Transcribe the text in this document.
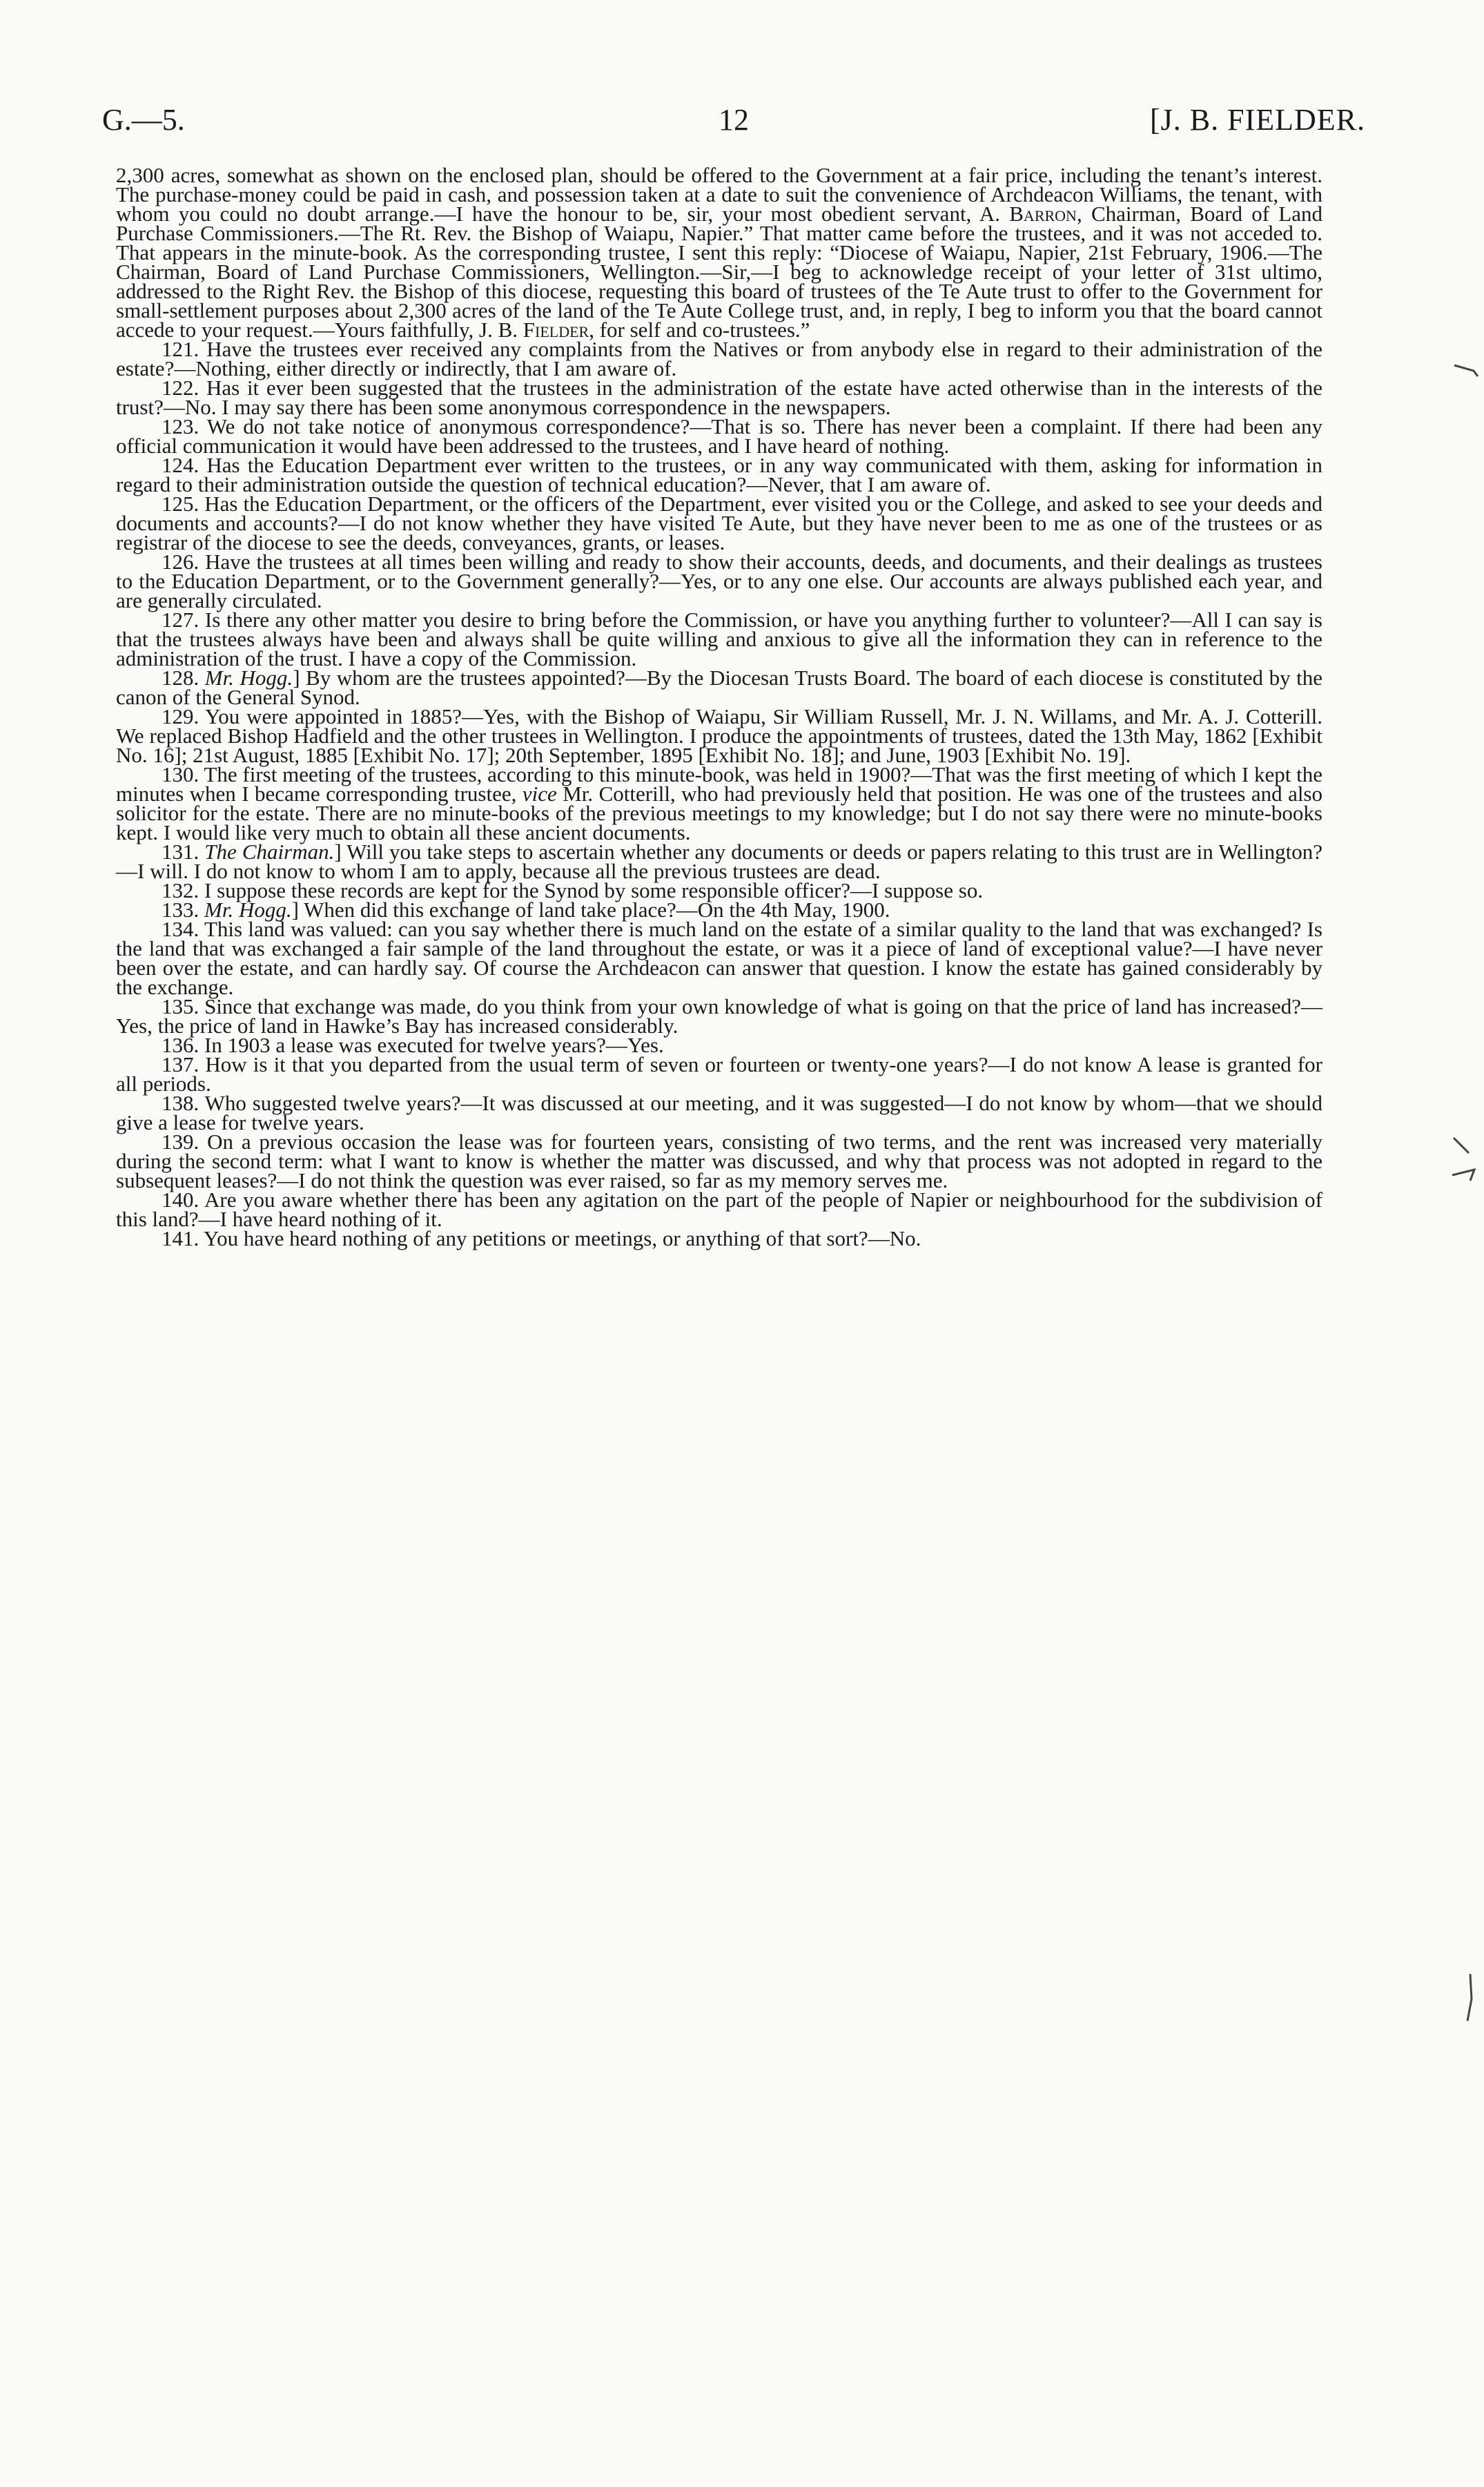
G.—5.	12	[J. B. FIELDER.

2,300 acres, somewhat as shown on the enclosed plan, should be offered to the Government at a fair price, including the tenant’s interest. The purchase-money could be paid in cash, and possession taken at a date to suit the convenience of Archdeacon Williams, the tenant, with whom you could no doubt arrange.—I have the honour to be, sir, your most obedient servant, A. Barron, Chairman, Board of Land Purchase Commissioners.—The Rt. Rev. the Bishop of Waiapu, Napier.” That matter came before the trustees, and it was not acceded to. That appears in the minute-book. As the corresponding trustee, I sent this reply: “Diocese of Waiapu, Napier, 21st February, 1906.—The Chairman, Board of Land Purchase Commissioners, Wellington.—Sir,—I beg to acknowledge receipt of your letter of 31st ultimo, addressed to the Right Rev. the Bishop of this diocese, requesting this board of trustees of the Te Aute trust to offer to the Government for small-settlement purposes about 2,300 acres of the land of the Te Aute College trust, and, in reply, I beg to inform you that the board cannot accede to your request.—Yours faithfully, J. B. Fielder, for self and co-trustees.”

121. Have the trustees ever received any complaints from the Natives or from anybody else in regard to their administration of the estate?—Nothing, either directly or indirectly, that I am aware of.

122. Has it ever been suggested that the trustees in the administration of the estate have acted otherwise than in the interests of the trust?—No. I may say there has been some anonymous correspondence in the newspapers.

123. We do not take notice of anonymous correspondence?—That is so. There has never been a complaint. If there had been any official communication it would have been addressed to the trustees, and I have heard of nothing.

124. Has the Education Department ever written to the trustees, or in any way communicated with them, asking for information in regard to their administration outside the question of technical education?—Never, that I am aware of.

125. Has the Education Department, or the officers of the Department, ever visited you or the College, and asked to see your deeds and documents and accounts?—I do not know whether they have visited Te Aute, but they have never been to me as one of the trustees or as registrar of the diocese to see the deeds, conveyances, grants, or leases.

126. Have the trustees at all times been willing and ready to show their accounts, deeds, and documents, and their dealings as trustees to the Education Department, or to the Government generally?—Yes, or to any one else. Our accounts are always published each year, and are generally circulated.

127. Is there any other matter you desire to bring before the Commission, or have you anything further to volunteer?—All I can say is that the trustees always have been and always shall be quite willing and anxious to give all the information they can in reference to the administration of the trust. I have a copy of the Commission.

128. Mr. Hogg.] By whom are the trustees appointed?—By the Diocesan Trusts Board. The board of each diocese is constituted by the canon of the General Synod.

129. You were appointed in 1885?—Yes, with the Bishop of Waiapu, Sir William Russell, Mr. J. N. Willams, and Mr. A. J. Cotterill. We replaced Bishop Hadfield and the other trustees in Wellington. I produce the appointments of trustees, dated the 13th May, 1862 [Exhibit No. 16]; 21st August, 1885 [Exhibit No. 17]; 20th September, 1895 [Exhibit No. 18]; and June, 1903 [Exhibit No. 19].

130. The first meeting of the trustees, according to this minute-book, was held in 1900?—That was the first meeting of which I kept the minutes when I became corresponding trustee, vice Mr. Cotterill, who had previously held that position. He was one of the trustees and also solicitor for the estate. There are no minute-books of the previous meetings to my knowledge; but I do not say there were no minute-books kept. I would like very much to obtain all these ancient documents.

131. The Chairman.] Will you take steps to ascertain whether any documents or deeds or papers relating to this trust are in Wellington?—I will. I do not know to whom I am to apply, because all the previous trustees are dead.

132. I suppose these records are kept for the Synod by some responsible officer?—I suppose so.

133. Mr. Hogg.] When did this exchange of land take place?—On the 4th May, 1900.

134. This land was valued: can you say whether there is much land on the estate of a similar quality to the land that was exchanged? Is the land that was exchanged a fair sample of the land throughout the estate, or was it a piece of land of exceptional value?—I have never been over the estate, and can hardly say. Of course the Archdeacon can answer that question. I know the estate has gained considerably by the exchange.

135. Since that exchange was made, do you think from your own knowledge of what is going on that the price of land has increased?—Yes, the price of land in Hawke’s Bay has increased considerably.

136. In 1903 a lease was executed for twelve years?—Yes.

137. How is it that you departed from the usual term of seven or fourteen or twenty-one years?—I do not know A lease is granted for all periods.

138. Who suggested twelve years?—It was discussed at our meeting, and it was suggested—I do not know by whom—that we should give a lease for twelve years.

139. On a previous occasion the lease was for fourteen years, consisting of two terms, and the rent was increased very materially during the second term: what I want to know is whether the matter was discussed, and why that process was not adopted in regard to the subsequent leases?—I do not think the question was ever raised, so far as my memory serves me.

140. Are you aware whether there has been any agitation on the part of the people of Napier or neighbourhood for the subdivision of this land?—I have heard nothing of it.

141. You have heard nothing of any petitions or meetings, or anything of that sort?—No.
